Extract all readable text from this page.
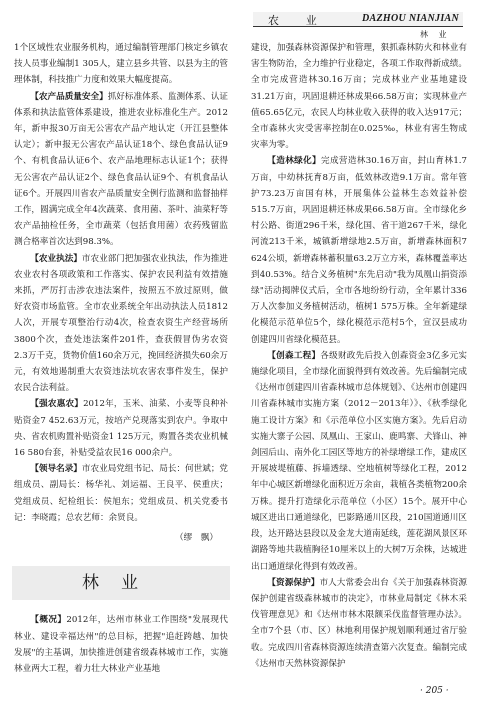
农 业	DAZHOU NIANJIAN
林 业

1个区域性农业服务机构，通过编制管理部门核定乡镇农技人员事业编制1 305人，建立县乡共管、以县为主的管理体制，科技推广力度和效果大幅度提高。

【农产品质量安全】抓好标准体系、监测体系、认证体系和执法监管体系建设，推进农业标准化生产。2012年，新申报30万亩无公害农产品产地认定（开江县整体认定）；新申报无公害农产品认证18个、绿色食品认证9个、有机食品认证6个、农产品地理标志认证1个；获得无公害农产品认证2个、绿色食品认证9个、有机食品认证6个。开展四川省农产品质量安全例行监测和监督抽样工作，圆满完成全年4次蔬菜、食用菌、茶叶、油菜籽等农产品抽检任务，全市蔬菜（包括食用菌）农药残留监测合格率首次达到98.3%。

【农业执法】市农业部门把加强农业执法，作为推进农业农村各项政策和工作落实、保护农民利益有效措施来抓，严厉打击涉农违法案件，按照五不放过原则，做好农资市场监管。全市农业系统全年出动执法人员1812人次，开展专项整治行动4次，检查农资生产经营场所3800个次，查处违法案件201件，查获假冒伪劣农资2.3万千克，货物价值160余万元，挽回经济损失60余万元，有效地遏制重大农资违法坑农害农事件发生，保护农民合法利益。

【强农惠农】2012年，玉米、油菜、小麦等良种补贴资金7 452.63万元，按培产兑现落实到农户。争取中央、省农机购置补贴资金1 125万元，购置各类农业机械16 580台套，补贴受益农民16 000余户。

【领导名录】市农业局党组书记、局长：何世斌；党组成员、副局长：杨华礼、刘运福、王良平、侯重庆；党组成员、纪检组长：侯旭东；党组成员、机关党委书记：李晓霞；总农艺师：余贤良。

（缪　飘）
林业

【概况】2012年，达州市林业工作围绕"发展现代林业、建设幸福达州"的总目标，把握"追赶跨越、加快发展"的主基调，加快推进创建省级森林城市工作，实施林业两大工程，着力壮大林业产业基地

建设，加强森林资源保护和管理，狠抓森林防火和林业有害生物防治，全力维护行业稳定，各项工作取得新成绩。全市完成营造林30.16万亩；完成林业产业基地建设31.21万亩，巩固退耕还林成果66.58万亩；实现林业产值65.65亿元，农民人均林业收入获得的收入达917元；全市森林火灾受害率控制在0.025‰，林业有害生物成灾率为零。

【造林绿化】完成营造林30.16万亩，封山育林1.7万亩，中幼林抚育8万亩，低效林改造9.1万亩。常年管护73.23万亩国有林，开展集体公益林生态效益补偿515.7万亩，巩固退耕还林成果66.58万亩。全市绿化乡村公路、街道296千米，绿化国、省干道267千米，绿化河流213千米，城镇新增绿地2.5万亩，新增森林面积7 624公顷，新增森林蓄积量63.2万立方米，森林覆盖率达到40.53%。结合义务植树"东先启动"我为凤凰山捐资添绿"活动揭牌仪式后，全市各地纷纷行动，全年累计336万人次参加义务植树活动，植树1 575万株。全年新建绿化模范示范单位5个，绿化模范示范村5个，宣汉县成功创建四川省绿化模范县。

【创森工程】各级财政先后投入创森资金3亿多元实施绿化项目，全市绿化面貌得到有效改善。先后编制完成《达州市创建四川省森林城市总体规划》、《达州市创建四川省森林城市实施方案（2012－2013年）》、《秋季绿化施工设计方案》和《示范单位小区实施方案》。先后启动实施大寨子公园、凤凰山、王家山、鹿鸣寨、犬锋山、神剑园后山、南外化工园区等地方的补绿增绿工作，建成区开展坡堤植藤、拆墙透绿、空地植树等绿化工程，2012年中心城区新增绿化面积近万余亩，栽植各类植物200余万株。提升打造绿化示范单位（小区）15个。展开中心城区进出口通道绿化，巴影路通川区段，210国道通川区段，达开路达县段以及金龙大道南延线，莲花湖风景区环湖路等地共栽植胸径10厘米以上的大树7万余株，达城进出口通道绿化得到有效改善。

【资源保护】市人大常委会出台《关于加强森林资源保护创建省级森林城市的决定》，市林业局制定《林木采伐管理意见》和《达州市林木限额采伐监督管理办法》。全市7个县（市、区）林地利用保护规划顺利通过省厅验收。完成四川省森林资源连续清查第六次复查。编制完成《达州市天然林资源保护

· 205 ·
